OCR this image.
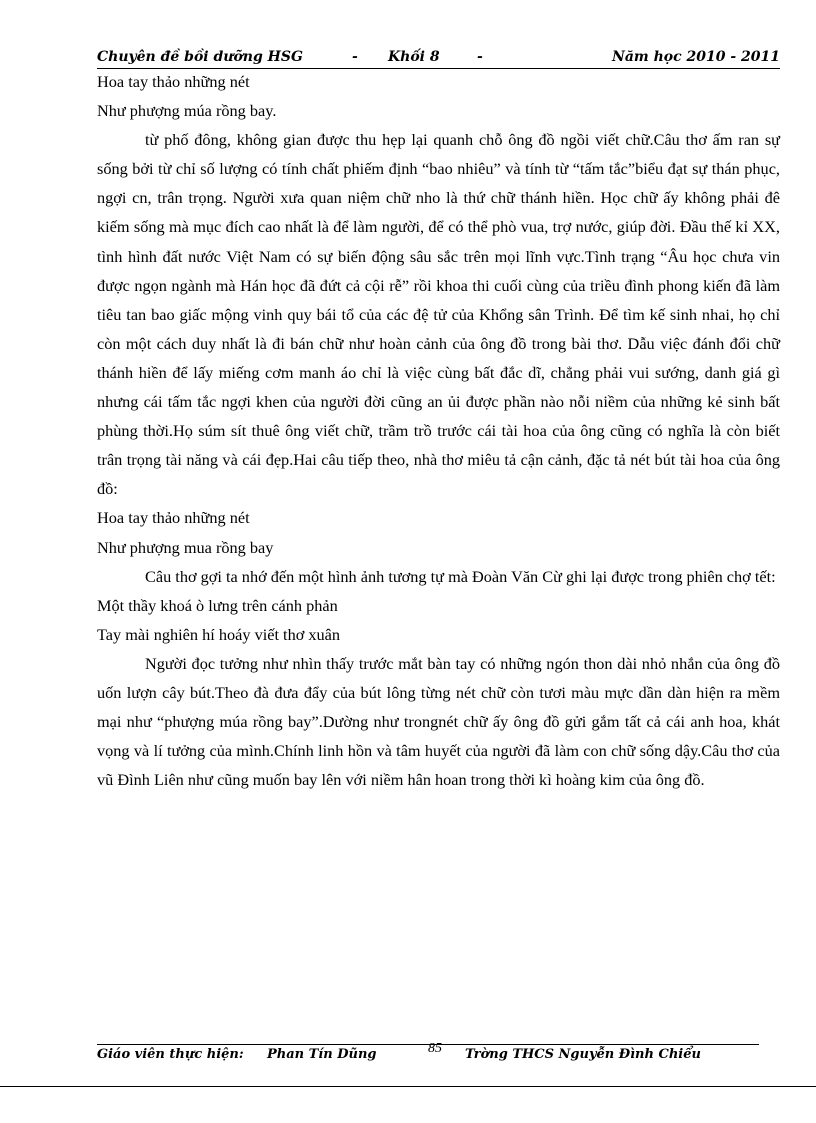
Chuyên đề bồi dưỡng HSG	- Khối 8	-	Năm học 2010 - 2011

Hoa tay thảo những nét

Như phượng múa rồng bay.

từ phố đông, không gian được thu hẹp lại quanh chỗ ông đồ ngồi viết chữ.Câu thơ ấm ran sự sống bởi từ chỉ số lượng có tính chất phiếm định “bao nhiêu” và tính từ “tấm tắc”biểu đạt sự thán phục, ngợi cn, trân trọng. Người xưa quan niệm chữ nho là thứ chữ thánh hiền. Học chữ ấy không phải đê kiếm sống mà mục đích cao nhất là để làm người, để có thể phò vua, trợ nước, giúp đời. Đầu thế kỉ XX, tình hình đất nước Việt Nam có sự biến động sâu sắc trên mọi lĩnh vực.Tình trạng “Âu học chưa vin được ngọn ngành mà Hán học đã đứt cả cội rễ” rồi khoa thi cuối cùng của triều đình phong kiến đã làm tiêu tan bao giấc mộng vinh quy bái tổ của các đệ tử của Khổng sân Trình. Để tìm kế sinh nhai, họ chỉ còn một cách duy nhất là đi bán chữ như hoàn cảnh của ông đồ trong bài thơ. Dẫu việc đánh đổi chữ thánh hiền để lấy miếng cơm manh áo chỉ là việc cùng bất đắc dĩ, chẳng phải vui sướng, danh giá gì nhưng cái tấm tắc ngợi khen của người đời cũng an ủi được phần nào nỗi niềm của những kẻ sinh bất phùng thời.Họ súm sít thuê ông viết chữ, trầm trồ trước cái tài hoa của ông cũng có nghĩa là còn biết trân trọng tài năng và cái đẹp.Hai câu tiếp theo, nhà thơ miêu tả cận cảnh, đặc tả nét bút tài hoa của ông đồ:

Hoa tay thảo những nét

Như phượng mua rồng bay

Câu thơ gợi ta nhớ đến một hình ảnh tương tự mà Đoàn Văn Cừ ghi lại được trong phiên chợ tết:

Một thầy khoá ò lưng trên cánh phản

Tay mài nghiên hí hoáy viết thơ xuân

Người đọc tưởng như nhìn thấy trước mắt bàn tay có những ngón thon dài nhỏ nhắn của ông đồ uốn lượn cây bút.Theo đà đưa đẩy của bút lông từng nét chữ còn tươi màu mực dần dàn hiện ra mềm mại như “phượng múa rồng bay”.Dường như trongnét chữ ấy ông đồ gửi gắm tất cả cái anh hoa, khát vọng và lí tưởng của mình.Chính linh hồn và tâm huyết của người đã làm con chữ sống dậy.Câu thơ của vũ Đình Liên như cũng muốn bay lên với niềm hân hoan trong thời kì hoàng kim của ông đồ.

Giáo viên thực hiện: Phan Tín Dũng	85 Trờng THCS Nguyễn Đình Chiểu
